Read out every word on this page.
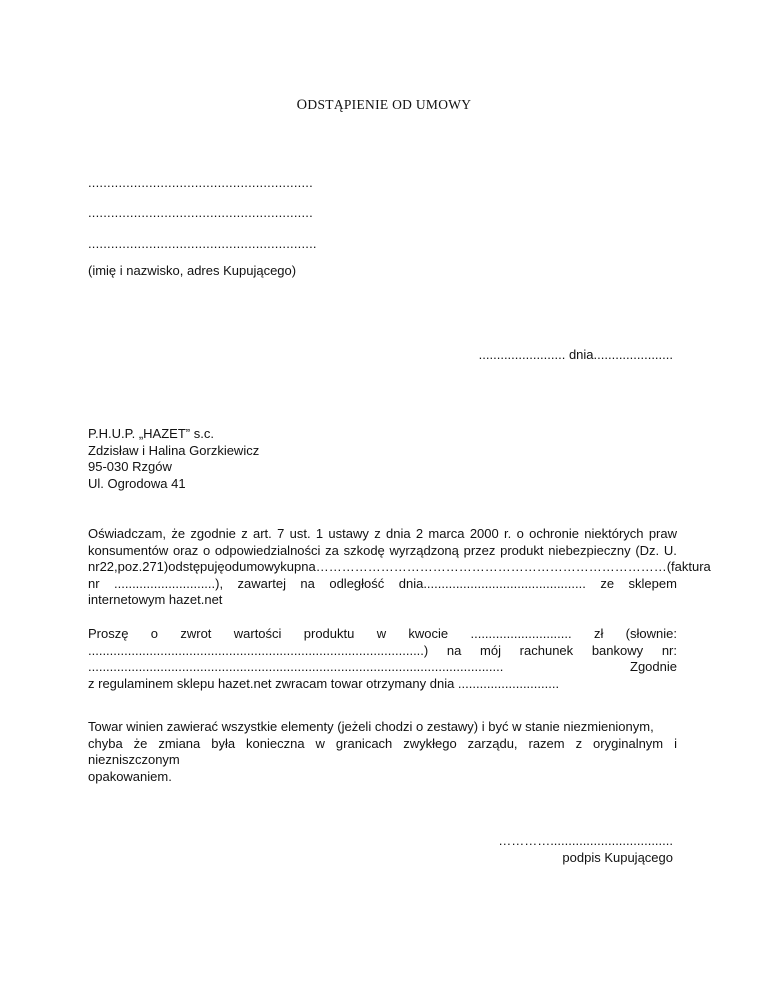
ODSTĄPIENIE OD UMOWY
...........................................................
...........................................................
............................................................
(imię i nazwisko, adres Kupującego)
........................ dnia......................
P.H.U.P. „HAZET” s.c.
Zdzisław i Halina Gorzkiewicz
95-030 Rzgów
Ul. Ogrodowa 41
Oświadczam, że zgodnie z art. 7 ust. 1 ustawy z dnia 2 marca 2000 r. o ochronie niektórych praw
konsumentów oraz o odpowiedzialności za szkodę wyrządzoną przez produkt niebezpieczny (Dz. U.
nr 22, poz. 271) odstępuję od umowy kupna ……………………………………………………………………… (faktura
nr ............................), zawartej na odległość dnia............................................. ze sklepem
internetowym hazet.net
Proszę o zwrot wartości produktu w kwocie ............................ zł (słownie:
.............................................................................................) na mój rachunek bankowy nr:
...................................................................................................................	Zgodnie
z regulaminem sklepu hazet.net zwracam towar otrzymany dnia ............................
Towar winien zawierać wszystkie elementy (jeżeli chodzi o zestawy) i być w stanie niezmienionym,
chyba że zmiana była konieczna w granicach zwykłego zarządu, razem z oryginalnym i niezniszczonym
opakowaniem.
…………..................................
podpis Kupującego
